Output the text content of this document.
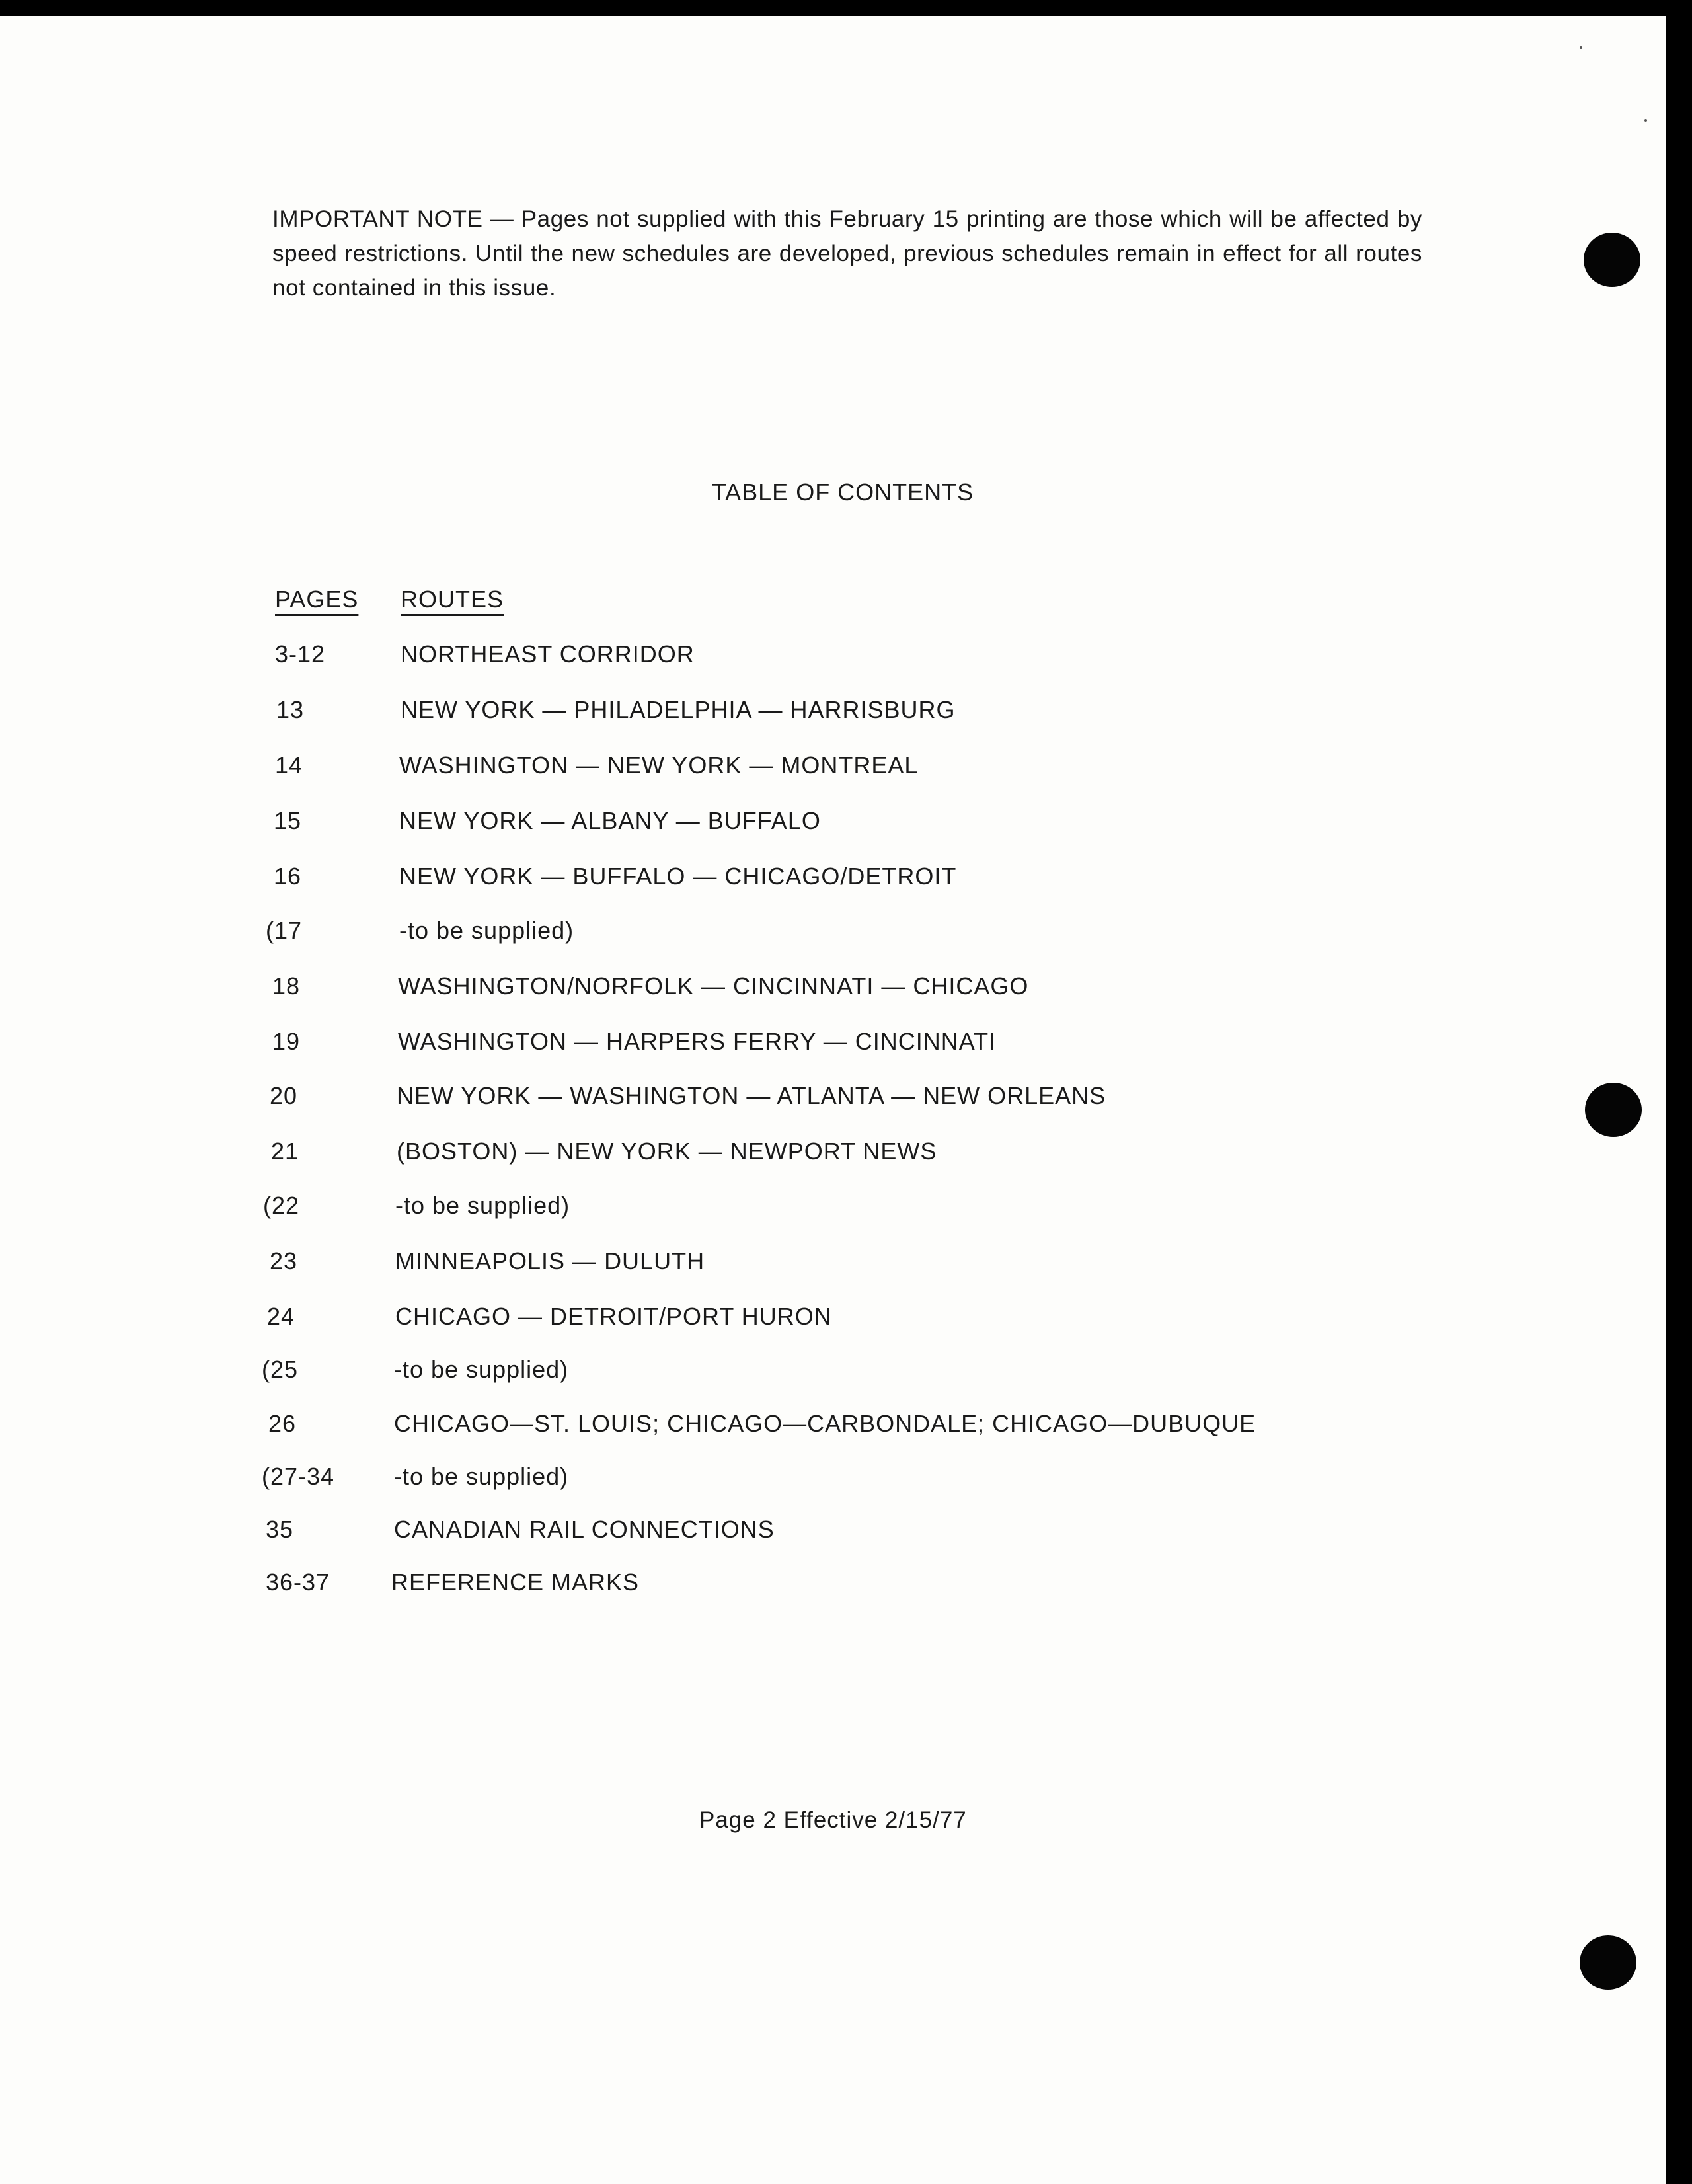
IMPORTANT NOTE — Pages not supplied with this February 15 printing are those which will be affected by speed restrictions. Until the new schedules are developed, previous schedules remain in effect for all routes not contained in this issue.

TABLE OF CONTENTS
PAGES ROUTES
3-12	NORTHEAST CORRIDOR
13	NEW YORK — PHILADELPHIA — HARRISBURG
14	WASHINGTON — NEW YORK — MONTREAL
15	NEW YORK — ALBANY — BUFFALO
16	NEW YORK — BUFFALO — CHICAGO/DETROIT
(17	-to be supplied)
18	WASHINGTON/NORFOLK — CINCINNATI — CHICAGO
19	WASHINGTON — HARPERS FERRY — CINCINNATI
20	NEW YORK — WASHINGTON — ATLANTA — NEW ORLEANS
21	(BOSTON) — NEW YORK — NEWPORT NEWS
(22	-to be supplied)
23	MINNEAPOLIS — DULUTH
24	CHICAGO — DETROIT/PORT HURON
(25	-to be supplied)
26	CHICAGO—ST. LOUIS; CHICAGO—CARBONDALE; CHICAGO—DUBUQUE
(27-34 -to be supplied)
35	CANADIAN RAIL CONNECTIONS
36-37	REFERENCE MARKS

Page 2 Effective 2/15/77
